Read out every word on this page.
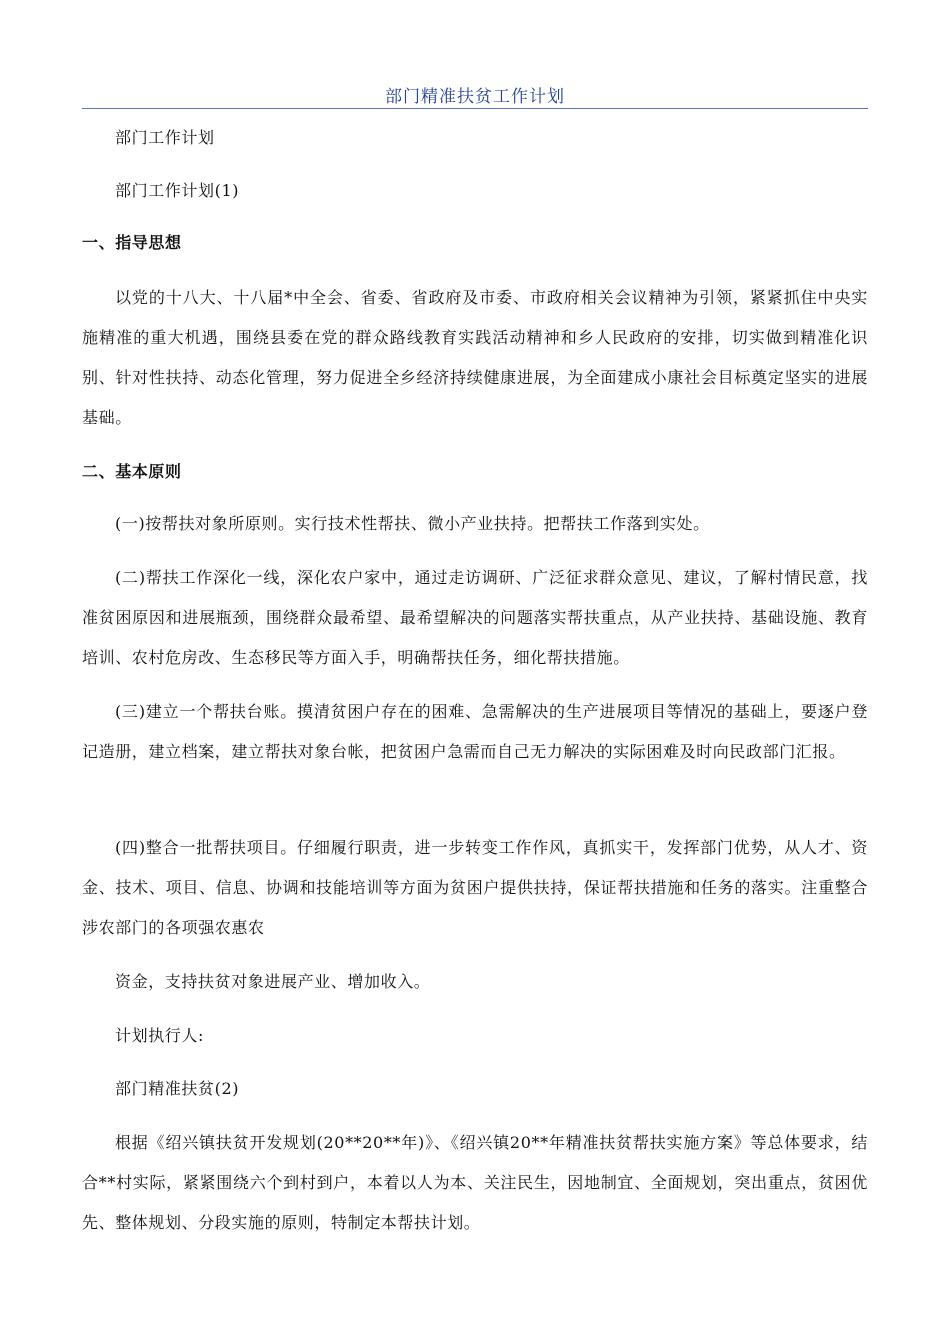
部门精准扶贫工作计划

部门工作计划

部门工作计划(1)

一、指导思想

以党的十八大、十八届*中全会、省委、省政府及市委、市政府相关会议精神为引领，紧紧抓住中央实施精准的重大机遇，围绕县委在党的群众路线教育实践活动精神和乡人民政府的安排，切实做到精准化识别、针对性扶持、动态化管理，努力促进全乡经济持续健康进展，为全面建成小康社会目标奠定坚实的进展基础。

二、基本原则

(一)按帮扶对象所原则。实行技术性帮扶、微小产业扶持。把帮扶工作落到实处。

(二)帮扶工作深化一线，深化农户家中，通过走访调研、广泛征求群众意见、建议，了解村情民意，找准贫困原因和进展瓶颈，围绕群众最希望、最希望解决的问题落实帮扶重点，从产业扶持、基础设施、教育培训、农村危房改、生态移民等方面入手，明确帮扶任务，细化帮扶措施。

(三)建立一个帮扶台账。摸清贫困户存在的困难、急需解决的生产进展项目等情况的基础上，要逐户登记造册，建立档案，建立帮扶对象台帐，把贫困户急需而自己无力解决的实际困难及时向民政部门汇报。

(四)整合一批帮扶项目。仔细履行职责，进一步转变工作作风，真抓实干，发挥部门优势，从人才、资金、技术、项目、信息、协调和技能培训等方面为贫困户提供扶持，保证帮扶措施和任务的落实。注重整合涉农部门的各项强农惠农

资金，支持扶贫对象进展产业、增加收入。

计划执行人:

部门精准扶贫(2)

根据《绍兴镇扶贫开发规划(20**20**年)》、《绍兴镇20**年精准扶贫帮扶实施方案》等总体要求，结合**村实际，紧紧围绕六个到村到户，本着以人为本、关注民生，因地制宜、全面规划，突出重点，贫困优先、整体规划、分段实施的原则，特制定本帮扶计划。
